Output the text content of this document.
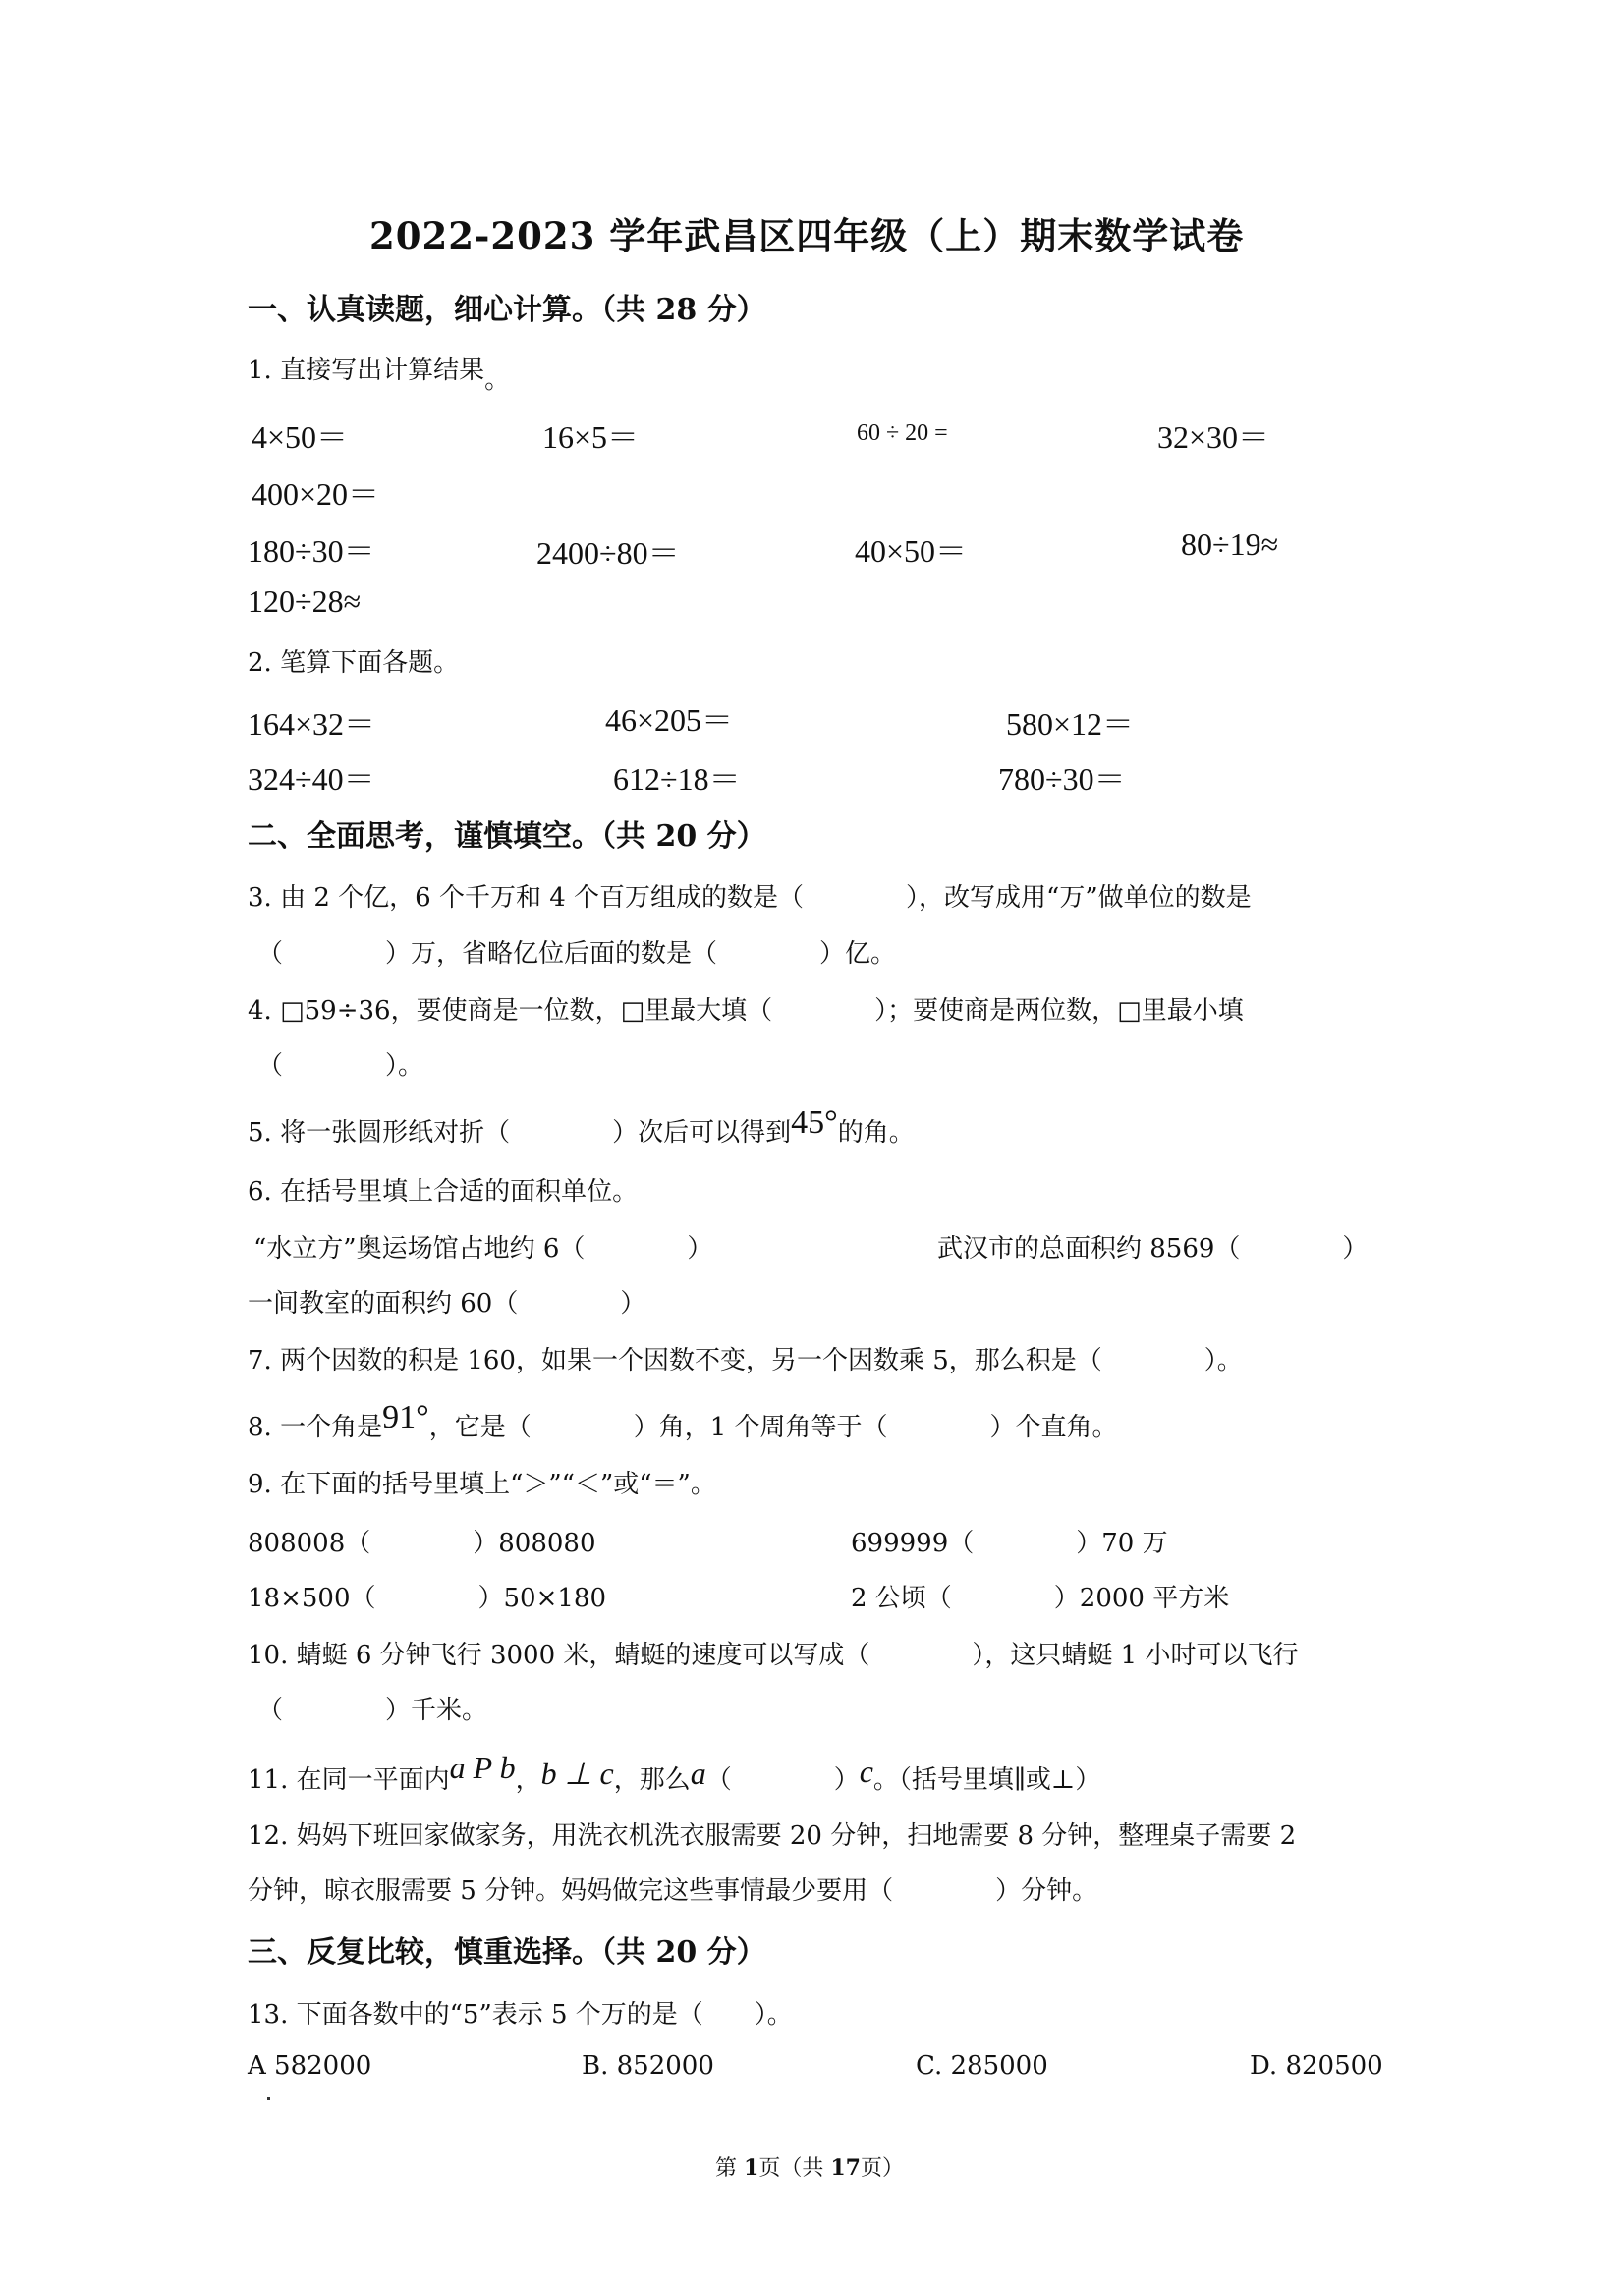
2022-2023 学年武昌区四年级（上）期末数学试卷
一、认真读题，细心计算。（共 28 分）
1. 直接写出计算结果。
4×50＝	16×5＝	60 ÷ 20 =	32×30＝
400×20＝
180÷30＝	2400÷80＝	40×50＝	80÷19≈
120÷28≈
2. 笔算下面各题。
164×32＝	46×205＝	580×12＝
324÷40＝	612÷18＝	780÷30＝
二、全面思考，谨慎填空。（共 20 分）
3. 由 2 个亿，6 个千万和 4 个百万组成的数是（　　　　），改写成用“万”做单位的数是
（　　　　）万，省略亿位后面的数是（　　　　）亿。
4. □59÷36，要使商是一位数，□里最大填（　　　　）；要使商是两位数，□里最小填
（　　　　）。
5. 将一张圆形纸对折（　　　　）次后可以得到45°的角。
6. 在括号里填上合适的面积单位。
“水立方”奥运场馆占地约 6（　　　　）	武汉市的总面积约 8569（　　　　）
一间教室的面积约 60（　　　　）
7. 两个因数的积是 160，如果一个因数不变，另一个因数乘 5，那么积是（　　　　）。
8. 一个角是91°，它是（　　　　）角，1 个周角等于（　　　　）个直角。
9. 在下面的括号里填上“＞”“＜”或“＝”。
808008（　　　　）808080	699999（　　　　）70 万
18×500（　　　　）50×180	2 公顷（　　　　）2000 平方米
10. 蜻蜓 6 分钟飞行 3000 米，蜻蜓的速度可以写成（　　　　），这只蜻蜓 1 小时可以飞行
（　　　　）千米。
11. 在同一平面内a P b，b ⊥ c，那么a（　　　　）c。（括号里填∥或⊥）
12. 妈妈下班回家做家务，用洗衣机洗衣服需要 20 分钟，扫地需要 8 分钟，整理桌子需要 2
分钟，晾衣服需要 5 分钟。妈妈做完这些事情最少要用（　　　　）分钟。
三、反复比较，慎重选择。（共 20 分）
13. 下面各数中的“5”表示 5 个万的是（　　）。
A 582000	B. 852000	C. 285000	D. 820500
第 1页（共 17页）
